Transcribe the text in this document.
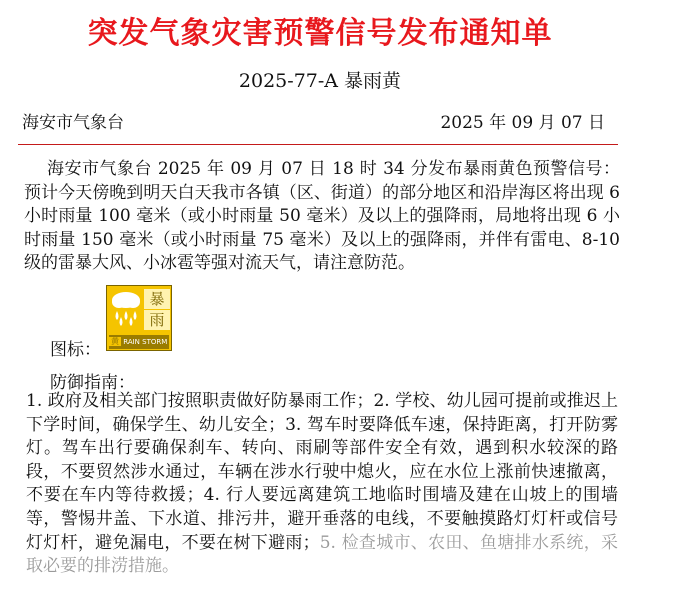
突发气象灾害预警信号发布通知单
2025-77-A 暴雨黄
海安市气象台	2025 年 09 月 07 日

海安市气象台 2025 年 09 月 07 日 18 时 34 分发布暴雨黄色预警信号：预计今天傍晚到明天白天我市各镇（区、街道）的部分地区和沿岸海区将出现 6 小时雨量 100 毫米（或小时雨量 50 毫米）及以上的强降雨，局地将出现 6 小时雨量 150 毫米（或小时雨量 75 毫米）及以上的强降雨，并伴有雷电、8-10 级的雷暴大风、小冰雹等强对流天气，请注意防范。

图标：
暴
雨
黄 RAIN STORM
防御指南：

1. 政府及相关部门按照职责做好防暴雨工作；2. 学校、幼儿园可提前或推迟上下学时间，确保学生、幼儿安全；3. 驾车时要降低车速，保持距离，打开防雾灯。驾车出行要确保刹车、转向、雨刷等部件安全有效，遇到积水较深的路段，不要贸然涉水通过，车辆在涉水行驶中熄火，应在水位上涨前快速撤离，不要在车内等待救援；4. 行人要远离建筑工地临时围墙及建在山坡上的围墙等，警惕井盖、下水道、排污井，避开垂落的电线，不要触摸路灯灯杆或信号灯灯杆，避免漏电，不要在树下避雨；5. 检查城市、农田、鱼塘排水系统，采取必要的排涝措施。
